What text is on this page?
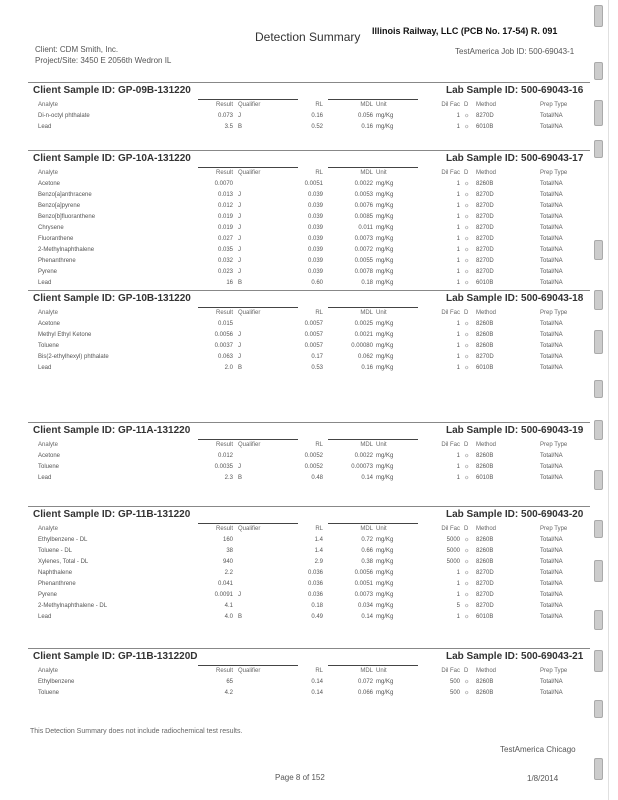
Detection Summary Illinois Railway, LLC (PCB No. 17-54) R. 091
Client: CDM Smith, Inc.
Project/Site: 3450 E 2056th Wedron IL
TestAmerica Job ID: 500-69043-1
Client Sample ID: GP-09B-131220	Lab Sample ID: 500-69043-16
Analyte	Result Qualifier	RL	MDL Unit	Dil Fac D Method	Prep Type
Di-n-octyl phthalate	0.073 J	0.16	0.056 mg/Kg	1 ☼ 8270D	Total/NA
Lead	3.5 B	0.52	0.16 mg/Kg	1 ☼ 6010B	Total/NA
Client Sample ID: GP-10A-131220	Lab Sample ID: 500-69043-17
Analyte	Result Qualifier	RL	MDL Unit	Dil Fac D Method	Prep Type
Acetone	0.0070	0.0051	0.0022 mg/Kg	1 ☼ 8260B	Total/NA
Benzo[a]anthracene	0.013 J	0.039	0.0053 mg/Kg	1 ☼ 8270D	Total/NA
Benzo[a]pyrene	0.012 J	0.039	0.0076 mg/Kg	1 ☼ 8270D	Total/NA
Benzo[b]fluoranthene	0.019 J	0.039	0.0085 mg/Kg	1 ☼ 8270D	Total/NA
Chrysene	0.019 J	0.039	0.011 mg/Kg	1 ☼ 8270D	Total/NA
Fluoranthene	0.027 J	0.039	0.0073 mg/Kg	1 ☼ 8270D	Total/NA
2-Methylnaphthalene	0.035 J	0.039	0.0072 mg/Kg	1 ☼ 8270D	Total/NA
Phenanthrene	0.032 J	0.039	0.0055 mg/Kg	1 ☼ 8270D	Total/NA
Pyrene	0.023 J	0.039	0.0078 mg/Kg	1 ☼ 8270D	Total/NA
Lead	16 B	0.60	0.18 mg/Kg	1 ☼ 6010B	Total/NA
Client Sample ID: GP-10B-131220	Lab Sample ID: 500-69043-18
Analyte	Result Qualifier	RL	MDL Unit	Dil Fac D Method	Prep Type
Acetone	0.015	0.0057	0.0025 mg/Kg	1 ☼ 8260B	Total/NA
Methyl Ethyl Ketone	0.0056 J	0.0057	0.0021 mg/Kg	1 ☼ 8260B	Total/NA
Toluene	0.0037 J	0.0057	0.00080 mg/Kg	1 ☼ 8260B	Total/NA
Bis(2-ethylhexyl) phthalate	0.063 J	0.17	0.062 mg/Kg	1 ☼ 8270D	Total/NA
Lead	2.0 B	0.53	0.16 mg/Kg	1 ☼ 6010B	Total/NA
Client Sample ID: GP-11A-131220	Lab Sample ID: 500-69043-19
Analyte	Result Qualifier	RL	MDL Unit	Dil Fac D Method	Prep Type
Acetone	0.012	0.0052	0.0022 mg/Kg	1 ☼ 8260B	Total/NA
Toluene	0.0035 J	0.0052	0.00073 mg/Kg	1 ☼ 8260B	Total/NA
Lead	2.3 B	0.48	0.14 mg/Kg	1 ☼ 6010B	Total/NA
Client Sample ID: GP-11B-131220	Lab Sample ID: 500-69043-20
Analyte	Result Qualifier	RL	MDL Unit	Dil Fac D Method	Prep Type
Ethylbenzene - DL	160	1.4	0.72 mg/Kg	5000 ☼ 8260B	Total/NA
Toluene - DL	38	1.4	0.66 mg/Kg	5000 ☼ 8260B	Total/NA
Xylenes, Total - DL	940	2.9	0.38 mg/Kg	5000 ☼ 8260B	Total/NA
Naphthalene	2.2	0.036	0.0056 mg/Kg	1 ☼ 8270D	Total/NA
Phenanthrene	0.041	0.036	0.0051 mg/Kg	1 ☼ 8270D	Total/NA
Pyrene	0.0091 J	0.036	0.0073 mg/Kg	1 ☼ 8270D	Total/NA
2-Methylnaphthalene - DL	4.1	0.18	0.034 mg/Kg	5 ☼ 8270D	Total/NA
Lead	4.0 B	0.49	0.14 mg/Kg	1 ☼ 6010B	Total/NA
Client Sample ID: GP-11B-131220D	Lab Sample ID: 500-69043-21
Analyte	Result Qualifier	RL	MDL Unit	Dil Fac D Method	Prep Type
Ethylbenzene	65	0.14	0.072 mg/Kg	500 ☼ 8260B	Total/NA
Toluene	4.2	0.14	0.066 mg/Kg	500 ☼ 8260B	Total/NA
This Detection Summary does not include radiochemical test results.
TestAmerica Chicago
Page 8 of 152	1/8/2014
